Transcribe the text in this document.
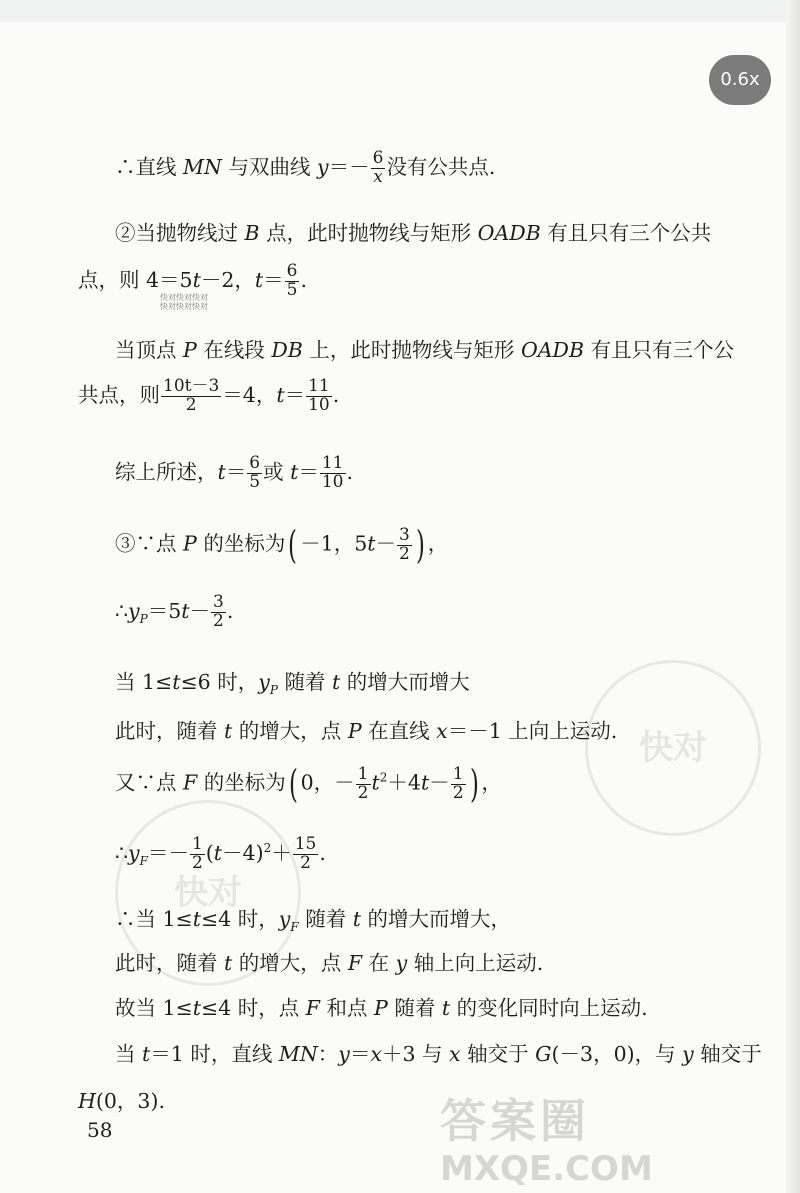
快对
快对
快对快对快对
快对快对快对
0.6x
∴直线 MN 与双曲线 $y=- \frac{6}{x}$ 没有公共点.
②当抛物线过 B 点，此时抛物线与矩形 OADB 有且只有三个公共
点，则 4＝5t－2，$t= \frac{6}{5}$ .
当顶点 P 在线段 DB 上，此时抛物线与矩形 OADB 有且只有三个公
共点，则 $\frac{10t-3}{2} =4$，$t= \frac{11}{10}$ .
综上所述，$t= \frac{6}{5}$ 或 $t= \frac{11}{10}$ .
③∵点 P 的坐标为( －1，$5t- \frac{3}{2}$ ) ，
$\therefore y_P=5t- \frac{3}{2}$ .
当 1≤t≤6 时，$y_P$ 随着 t 的增大而增大
此时，随着 t 的增大，点 P 在直线 x＝－1 上向上运动.
又∵点 F 的坐标为( 0，－ $\frac{1}{2} t^2+4t- \frac{1}{2}$ ) ，
$\therefore y_F=- \frac{1}{2} (t-4)^2+ \frac{15}{2}$ .
∴当 1≤t≤4 时，$y_F$ 随着 t 的增大而增大，
此时，随着 t 的增大，点 F 在 y 轴上向上运动.
故当 1≤t≤4 时，点 F 和点 P 随着 t 的变化同时向上运动.
当 t＝1 时，直线 MN：y＝x＋3 与 x 轴交于 G(－3，0)，与 y 轴交于
H(0，3).
58	答案圈
MXQE.COM
